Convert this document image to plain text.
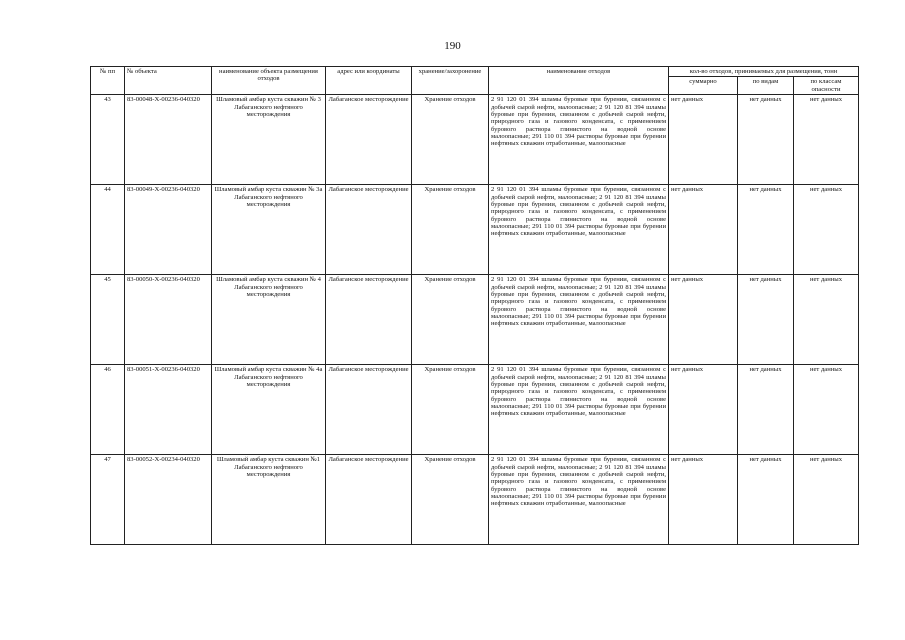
190
№ пп	№ объекта	наименование объекта размещения отходов	адрес или координаты	хранение/захоронение	наименование отходов	кол-во отходов, принимаемых для размещения, тонн		
						суммарно	по видам	по классам опасности
43	83-00048-Х-00236-040320	Шламовый амбар куста скважин № 3 Лабаганского нефтяного месторождения	Лабаганское месторождение	Хранение отходов	2 91 120 01 394 шламы буровые при бурении, связанном с добычей сырой нефти, малоопасные; 2 91 120 81 394 шламы буровые при бурении, связанном с добычей сырой нефти, природного газа и газового конденсата, с применением бурового раствора глинистого на водной основе малоопасные; 291 110 01 394 растворы буровые при бурении нефтяных скважин отработанные, малоопасные	нет данных	нет данных	нет данных
44	83-00049-Х-00236-040320	Шламовый амбар куста скважин № 3а Лабаганского нефтяного месторождения	Лабаганское месторождение	Хранение отходов	2 91 120 01 394 шламы буровые при бурении, связанном с добычей сырой нефти, малоопасные; 2 91 120 81 394 шламы буровые при бурении, связанном с добычей сырой нефти, природного газа и газового конденсата, с применением бурового раствора глинистого на водной основе малоопасные; 291 110 01 394 растворы буровые при бурении нефтяных скважин отработанные, малоопасные	нет данных	нет данных	нет данных
45	83-00050-Х-00236-040320	Шламовый амбар куста скважин № 4 Лабаганского нефтяного месторождения	Лабаганское месторождение	Хранение отходов	2 91 120 01 394 шламы буровые при бурении, связанном с добычей сырой нефти, малоопасные; 2 91 120 81 394 шламы буровые при бурении, связанном с добычей сырой нефти, природного газа и газового конденсата, с применением бурового раствора глинистого на водной основе малоопасные; 291 110 01 394 растворы буровые при бурении нефтяных скважин отработанные, малоопасные	нет данных	нет данных	нет данных
46	83-00051-Х-00236-040320	Шламовый амбар куста скважин № 4а Лабаганского нефтяного месторождения	Лабаганское месторождение	Хранение отходов	2 91 120 01 394 шламы буровые при бурении, связанном с добычей сырой нефти, малоопасные; 2 91 120 81 394 шламы буровые при бурении, связанном с добычей сырой нефти, природного газа и газового конденсата, с применением бурового раствора глинистого на водной основе малоопасные; 291 110 01 394 растворы буровые при бурении нефтяных скважин отработанные, малоопасные	нет данных	нет данных	нет данных
47	83-00052-Х-00234-040320	Шламовый амбар куста скважин №1 Лабаганского нефтяного месторождения	Лабаганское месторождение	Хранение отходов	2 91 120 01 394 шламы буровые при бурении, связанном с добычей сырой нефти, малоопасные; 2 91 120 81 394 шламы буровые при бурении, связанном с добычей сырой нефти, природного газа и газового конденсата, с применением бурового раствора глинистого на водной основе малоопасные; 291 110 01 394 растворы буровые при бурении нефтяных скважин отработанные, малоопасные	нет данных	нет данных	нет данных
